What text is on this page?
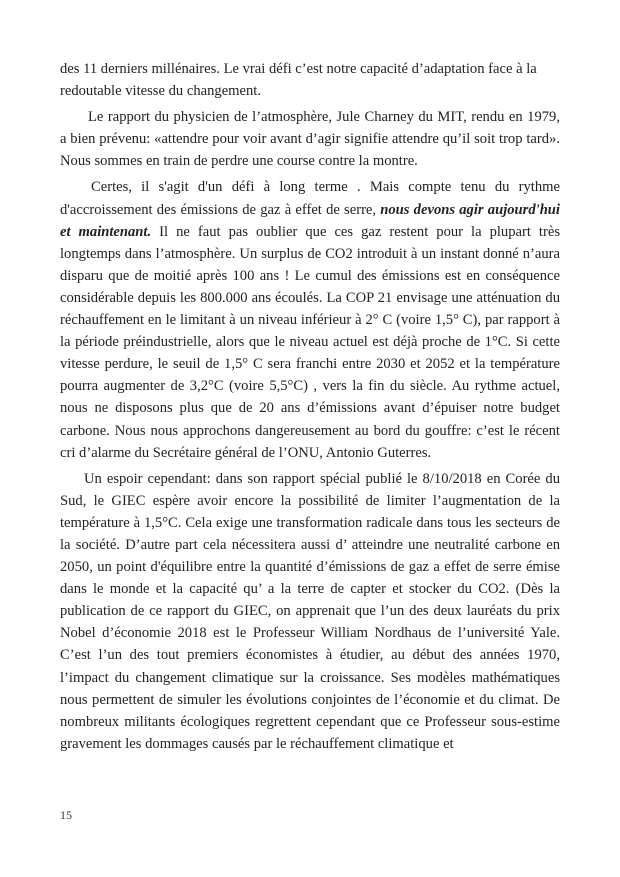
des 11 derniers millénaires. Le vrai défi c’est notre capacité d’adaptation face à la redoutable vitesse du changement.

Le rapport du physicien de l’atmosphère, Jule Charney du MIT, rendu en 1979, a bien prévenu: «attendre pour voir avant d’agir signifie attendre qu’il soit trop tard». Nous sommes en train de perdre une course contre la montre.

Certes, il s'agit d'un défi à long terme . Mais compte tenu du rythme d'accroissement des émissions de gaz à effet de serre, nous devons agir aujourd'hui et maintenant. Il ne faut pas oublier que ces gaz restent pour la plupart très longtemps dans l’atmosphère. Un surplus de CO2 introduit à un instant donné n’aura disparu que de moitié après 100 ans ! Le cumul des émissions est en conséquence considérable depuis les 800.000 ans écoulés. La COP 21 envisage une atténuation du réchauffement en le limitant à un niveau inférieur à 2° C (voire 1,5° C), par rapport à la période préindustrielle, alors que le niveau actuel est déjà proche de 1°C. Si cette vitesse perdure, le seuil de 1,5° C sera franchi entre 2030 et 2052 et la température pourra augmenter de 3,2°C (voire 5,5°C) , vers la fin du siècle. Au rythme actuel, nous ne disposons plus que de 20 ans d’émissions avant d’épuiser notre budget carbone. Nous nous approchons dangereusement au bord du gouffre: c’est le récent cri d’alarme du Secrétaire général de l’ONU, Antonio Guterres.

Un espoir cependant: dans son rapport spécial publié le 8/10/2018 en Corée du Sud, le GIEC espère avoir encore la possibilité de limiter l’augmentation de la température à 1,5°C. Cela exige une transformation radicale dans tous les secteurs de la société. D’autre part cela nécessitera aussi d’ atteindre une neutralité carbone en 2050, un point d'équilibre entre la quantité d’émissions de gaz a effet de serre émise dans le monde et la capacité qu’ a la terre de capter et stocker du CO2. (Dès la publication de ce rapport du GIEC, on apprenait que l’un des deux lauréats du prix Nobel d’économie 2018 est le Professeur William Nordhaus de l’université Yale. C’est l’un des tout premiers économistes à étudier, au début des années 1970, l’impact du changement climatique sur la croissance. Ses modèles mathématiques nous permettent de simuler les évolutions conjointes de l’économie et du climat. De nombreux militants écologiques regrettent cependant que ce Professeur sous-estime gravement les dommages causés par le réchauffement climatique et

15
